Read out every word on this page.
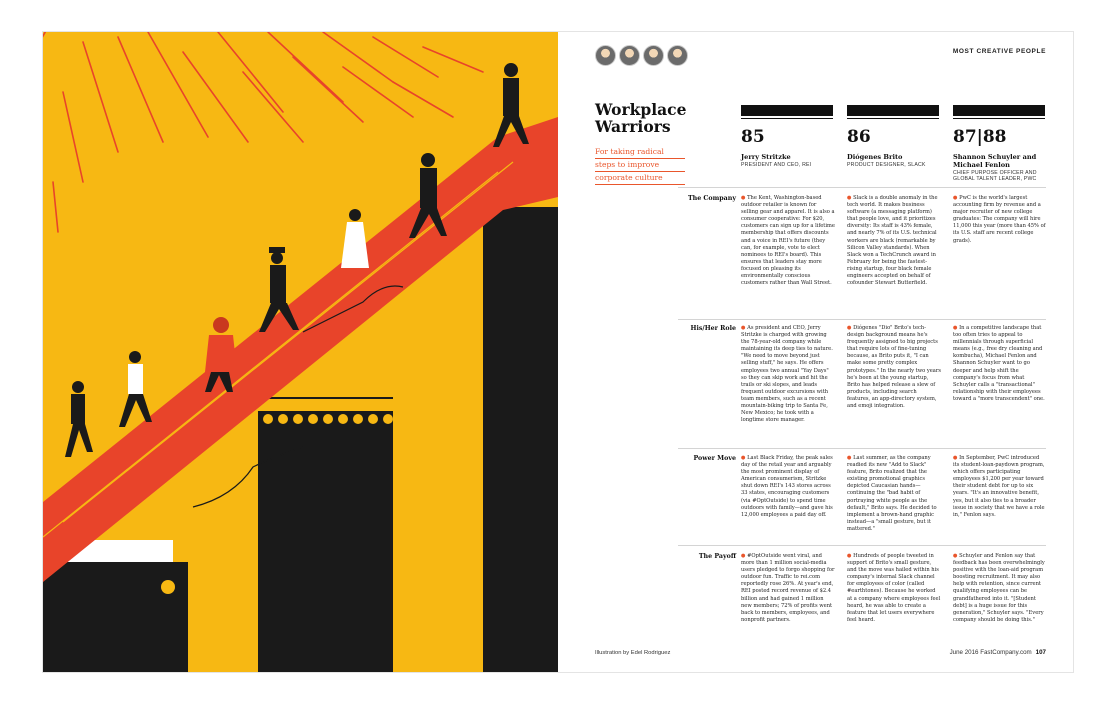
MOST CREATIVE PEOPLE
Workplace Warriors
For taking radical
steps to improve
corporate culture
85
Jerry Stritzke
PRESIDENT AND CEO, REI
86
Diógenes Brito
PRODUCT DESIGNER, SLACK
87|88
Shannon Schuyler and Michael Fenlon
CHIEF PURPOSE OFFICER AND GLOBAL TALENT LEADER, PWC
The Company ● The Kent, Washington-based outdoor retailer is known for selling gear and apparel. It is also a consumer cooperative: For $20, customers can sign up for a lifetime membership that offers discounts and a voice in REI's future (they can, for example, vote to elect nominees to REI's board). This ensures that leaders stay more focused on pleasing its environmentally conscious customers rather than Wall Street.
● Slack is a double anomaly in the tech world. It makes business software (a messaging platform) that people love, and it prioritizes diversity: Its staff is 43% female, and nearly 7% of its U.S. technical workers are black (remarkable by Silicon Valley standards). When Slack won a TechCrunch award in February for being the fastest-rising startup, four black female engineers accepted on behalf of cofounder Stewart Butterfield.
● PwC is the world's largest accounting firm by revenue and a major recruiter of new college graduates: The company will hire 11,000 this year (more than 45% of its U.S. staff are recent college grads).
His/Her Role ● As president and CEO, Jerry Stritzke is charged with growing the 78-year-old company while maintaining its deep ties to nature. "We need to move beyond just selling stuff," he says. He offers employees two annual "Yay Days" so they can skip work and hit the trails or ski slopes, and leads frequent outdoor excursions with team members, such as a recent mountain-biking trip to Santa Fe, New Mexico; he took with a longtime store manager.
● Diógenes "Dio" Brito's tech-design background means he's frequently assigned to big projects that require lots of fine-tuning because, as Brito puts it, "I can make some pretty complex prototypes." In the nearly two years he's been at the young startup, Brito has helped release a slew of products, including search features, an app-directory system, and emoji integration.
● In a competitive landscape that too often tries to appeal to millennials through superficial means (e.g., free dry cleaning and kombucha), Michael Fenlon and Shannon Schuyler want to go deeper and help shift the company's focus from what Schuyler calls a "transactional" relationship with their employees toward a "more transcendent" one.
Power Move ● Last Black Friday, the peak sales day of the retail year and arguably the most prominent display of American consumerism, Stritzke shut down REI's 143 stores across 33 states, encouraging customers (via #OptOutside) to spend time outdoors with family—and gave his 12,000 employees a paid day off.
● Last summer, as the company readied its new "Add to Slack" feature, Brito realized that the existing promotional graphics depicted Caucasian hands—continuing the "bad habit of portraying white people as the default," Brito says. He decided to implement a brown-hand graphic instead—a "small gesture, but it mattered."
● In September, PwC introduced its student-loan-paydown program, which offers participating employees $1,200 per year toward their student debt for up to six years. "It's an innovative benefit, yes, but it also ties to a broader issue in society that we have a role in," Fenlon says.
The Payoff ● #OptOutside went viral, and more than 1 million social-media users pledged to forgo shopping for outdoor fun. Traffic to rei.com reportedly rose 26%. At year's end, REI posted record revenue of $2.4 billion and had gained 1 million new members; 72% of profits went back to members, employees, and nonprofit partners.
● Hundreds of people tweeted in support of Brito's small gesture, and the move was hailed within his company's internal Slack channel for employees of color (called #earthtones). Because he worked at a company where employees feel heard, he was able to create a feature that let users everywhere feel heard.
● Schuyler and Fenlon say that feedback has been overwhelmingly positive with the loan-aid program boosting recruitment. It may also help with retention, since current qualifying employees can be grandfathered into it. "[Student debt] is a huge issue for this generation," Schuyler says. "Every company should be doing this."
Illustration by Edel Rodriguez	June 2016 FastCompany.com 107
